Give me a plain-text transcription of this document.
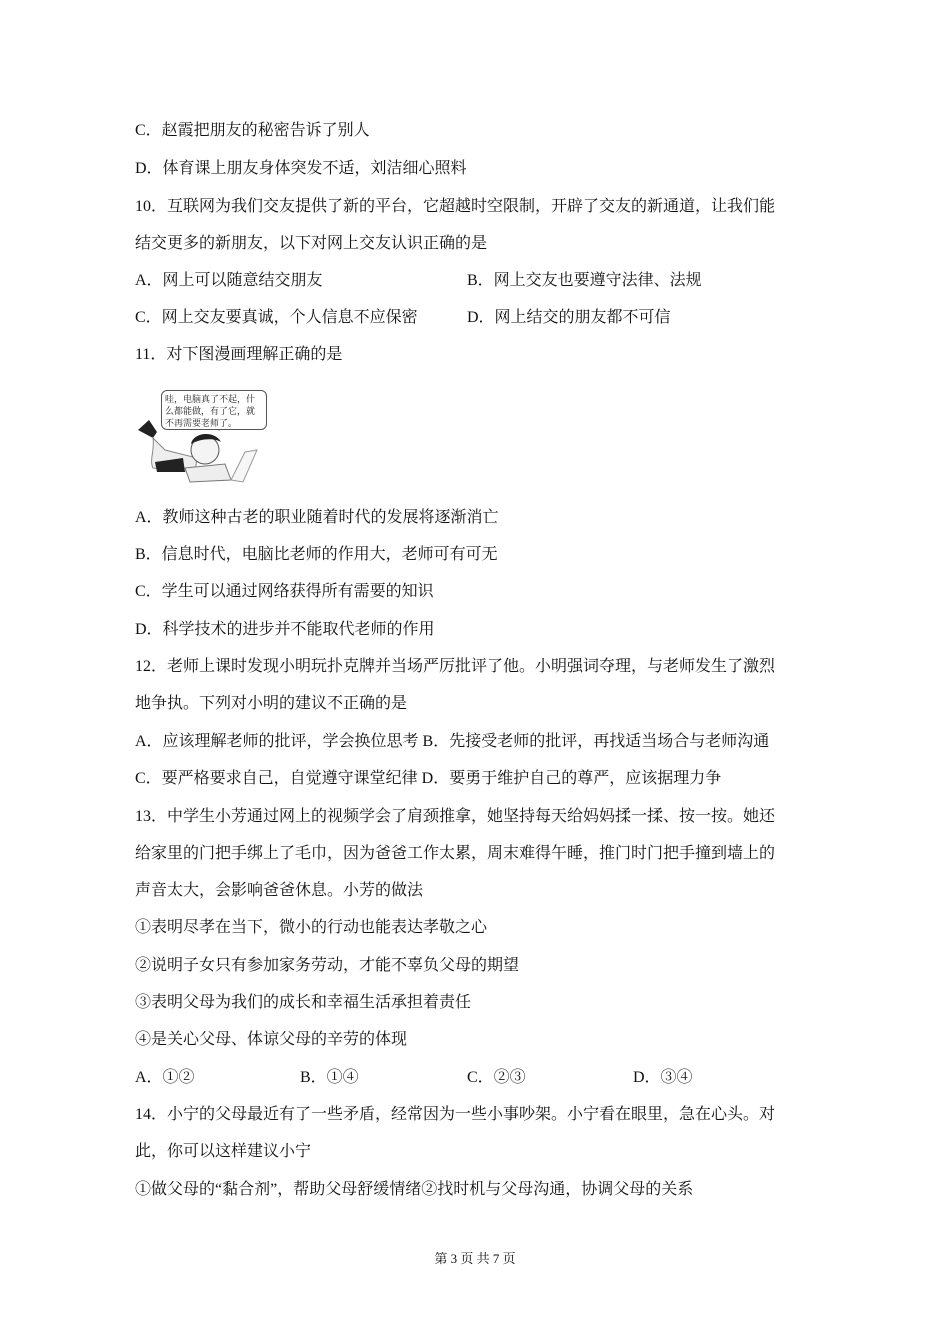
C．赵霞把朋友的秘密告诉了别人
D．体育课上朋友身体突发不适，刘洁细心照料
10．互联网为我们交友提供了新的平台，它超越时空限制，开辟了交友的新通道，让我们能
结交更多的新朋友，以下对网上交友认识正确的是
A．网上可以随意结交朋友	B．网上交友也要遵守法律、法规
C．网上交友要真诚，个人信息不应保密	D．网上结交的朋友都不可信
11．对下图漫画理解正确的是
哇，电脑真了不起，什么都能做，有了它，就不再需要老师了。
A．教师这种古老的职业随着时代的发展将逐渐消亡
B．信息时代，电脑比老师的作用大，老师可有可无
C．学生可以通过网络获得所有需要的知识
D．科学技术的进步并不能取代老师的作用
12．老师上课时发现小明玩扑克牌并当场严厉批评了他。小明强词夺理，与老师发生了激烈
地争执。下列对小明的建议不正确的是
A．应该理解老师的批评，学会换位思考 B．先接受老师的批评，再找适当场合与老师沟通
C．要严格要求自己，自觉遵守课堂纪律 D．要勇于维护自己的尊严，应该据理力争
13．中学生小芳通过网上的视频学会了肩颈推拿，她坚持每天给妈妈揉一揉、按一按。她还
给家里的门把手绑上了毛巾，因为爸爸工作太累，周末难得午睡，推门时门把手撞到墙上的
声音太大，会影响爸爸休息。小芳的做法
①表明尽孝在当下，微小的行动也能表达孝敬之心
②说明子女只有参加家务劳动，才能不辜负父母的期望
③表明父母为我们的成长和幸福生活承担着责任
④是关心父母、体谅父母的辛劳的体现
A．①②	B．①④	C．②③	D．③④
14．小宁的父母最近有了一些矛盾，经常因为一些小事吵架。小宁看在眼里，急在心头。对
此，你可以这样建议小宁
①做父母的“黏合剂”，帮助父母舒缓情绪②找时机与父母沟通，协调父母的关系
第 3 页 共 7 页
